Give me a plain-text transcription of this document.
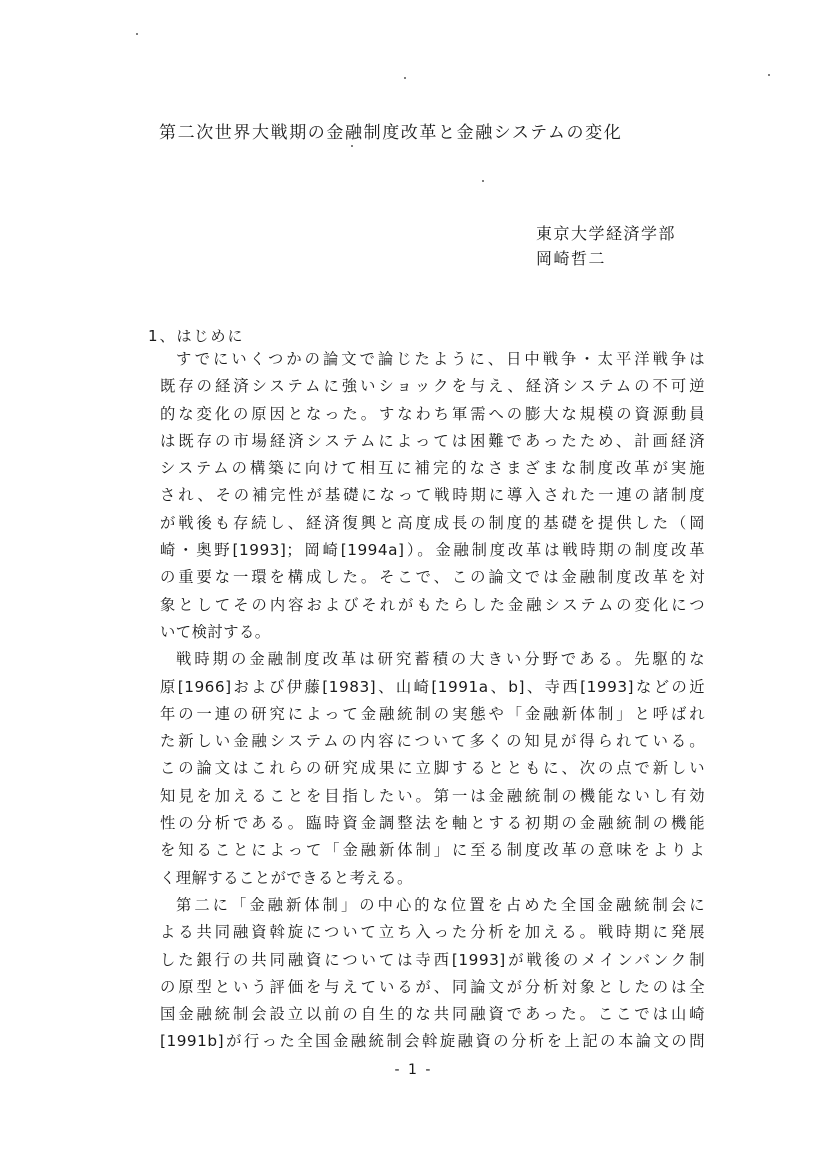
第二次世界大戦期の金融制度改革と金融システムの変化
東京大学経済学部
岡崎哲二
1、はじめに
すでにいくつかの論文で論じたように、日中戦争・太平洋戦争は
既存の経済システムに強いショックを与え、経済システムの不可逆
的な変化の原因となった。すなわち軍需への膨大な規模の資源動員
は既存の市場経済システムによっては困難であったため、計画経済
システムの構築に向けて相互に補完的なさまざまな制度改革が実施
され、その補完性が基礎になって戦時期に導入された一連の諸制度
が戦後も存続し、経済復興と高度成長の制度的基礎を提供した（岡
崎・奥野[1993]；岡崎[1994a]）。金融制度改革は戦時期の制度改革
の重要な一環を構成した。そこで、この論文では金融制度改革を対
象としてその内容およびそれがもたらした金融システムの変化につ
いて検討する。
戦時期の金融制度改革は研究蓄積の大きい分野である。先駆的な
原[1966]および伊藤[1983]、山崎[1991a、b]、寺西[1993]などの近
年の一連の研究によって金融統制の実態や「金融新体制」と呼ばれ
た新しい金融システムの内容について多くの知見が得られている。
この論文はこれらの研究成果に立脚するとともに、次の点で新しい
知見を加えることを目指したい。第一は金融統制の機能ないし有効
性の分析である。臨時資金調整法を軸とする初期の金融統制の機能
を知ることによって「金融新体制」に至る制度改革の意味をよりよ
く理解することができると考える。
第二に「金融新体制」の中心的な位置を占めた全国金融統制会に
よる共同融資斡旋について立ち入った分析を加える。戦時期に発展
した銀行の共同融資については寺西[1993]が戦後のメインバンク制
の原型という評価を与えているが、同論文が分析対象としたのは全
国金融統制会設立以前の自生的な共同融資であった。ここでは山崎
[1991b]が行った全国金融統制会斡旋融資の分析を上記の本論文の問
- 1 -
